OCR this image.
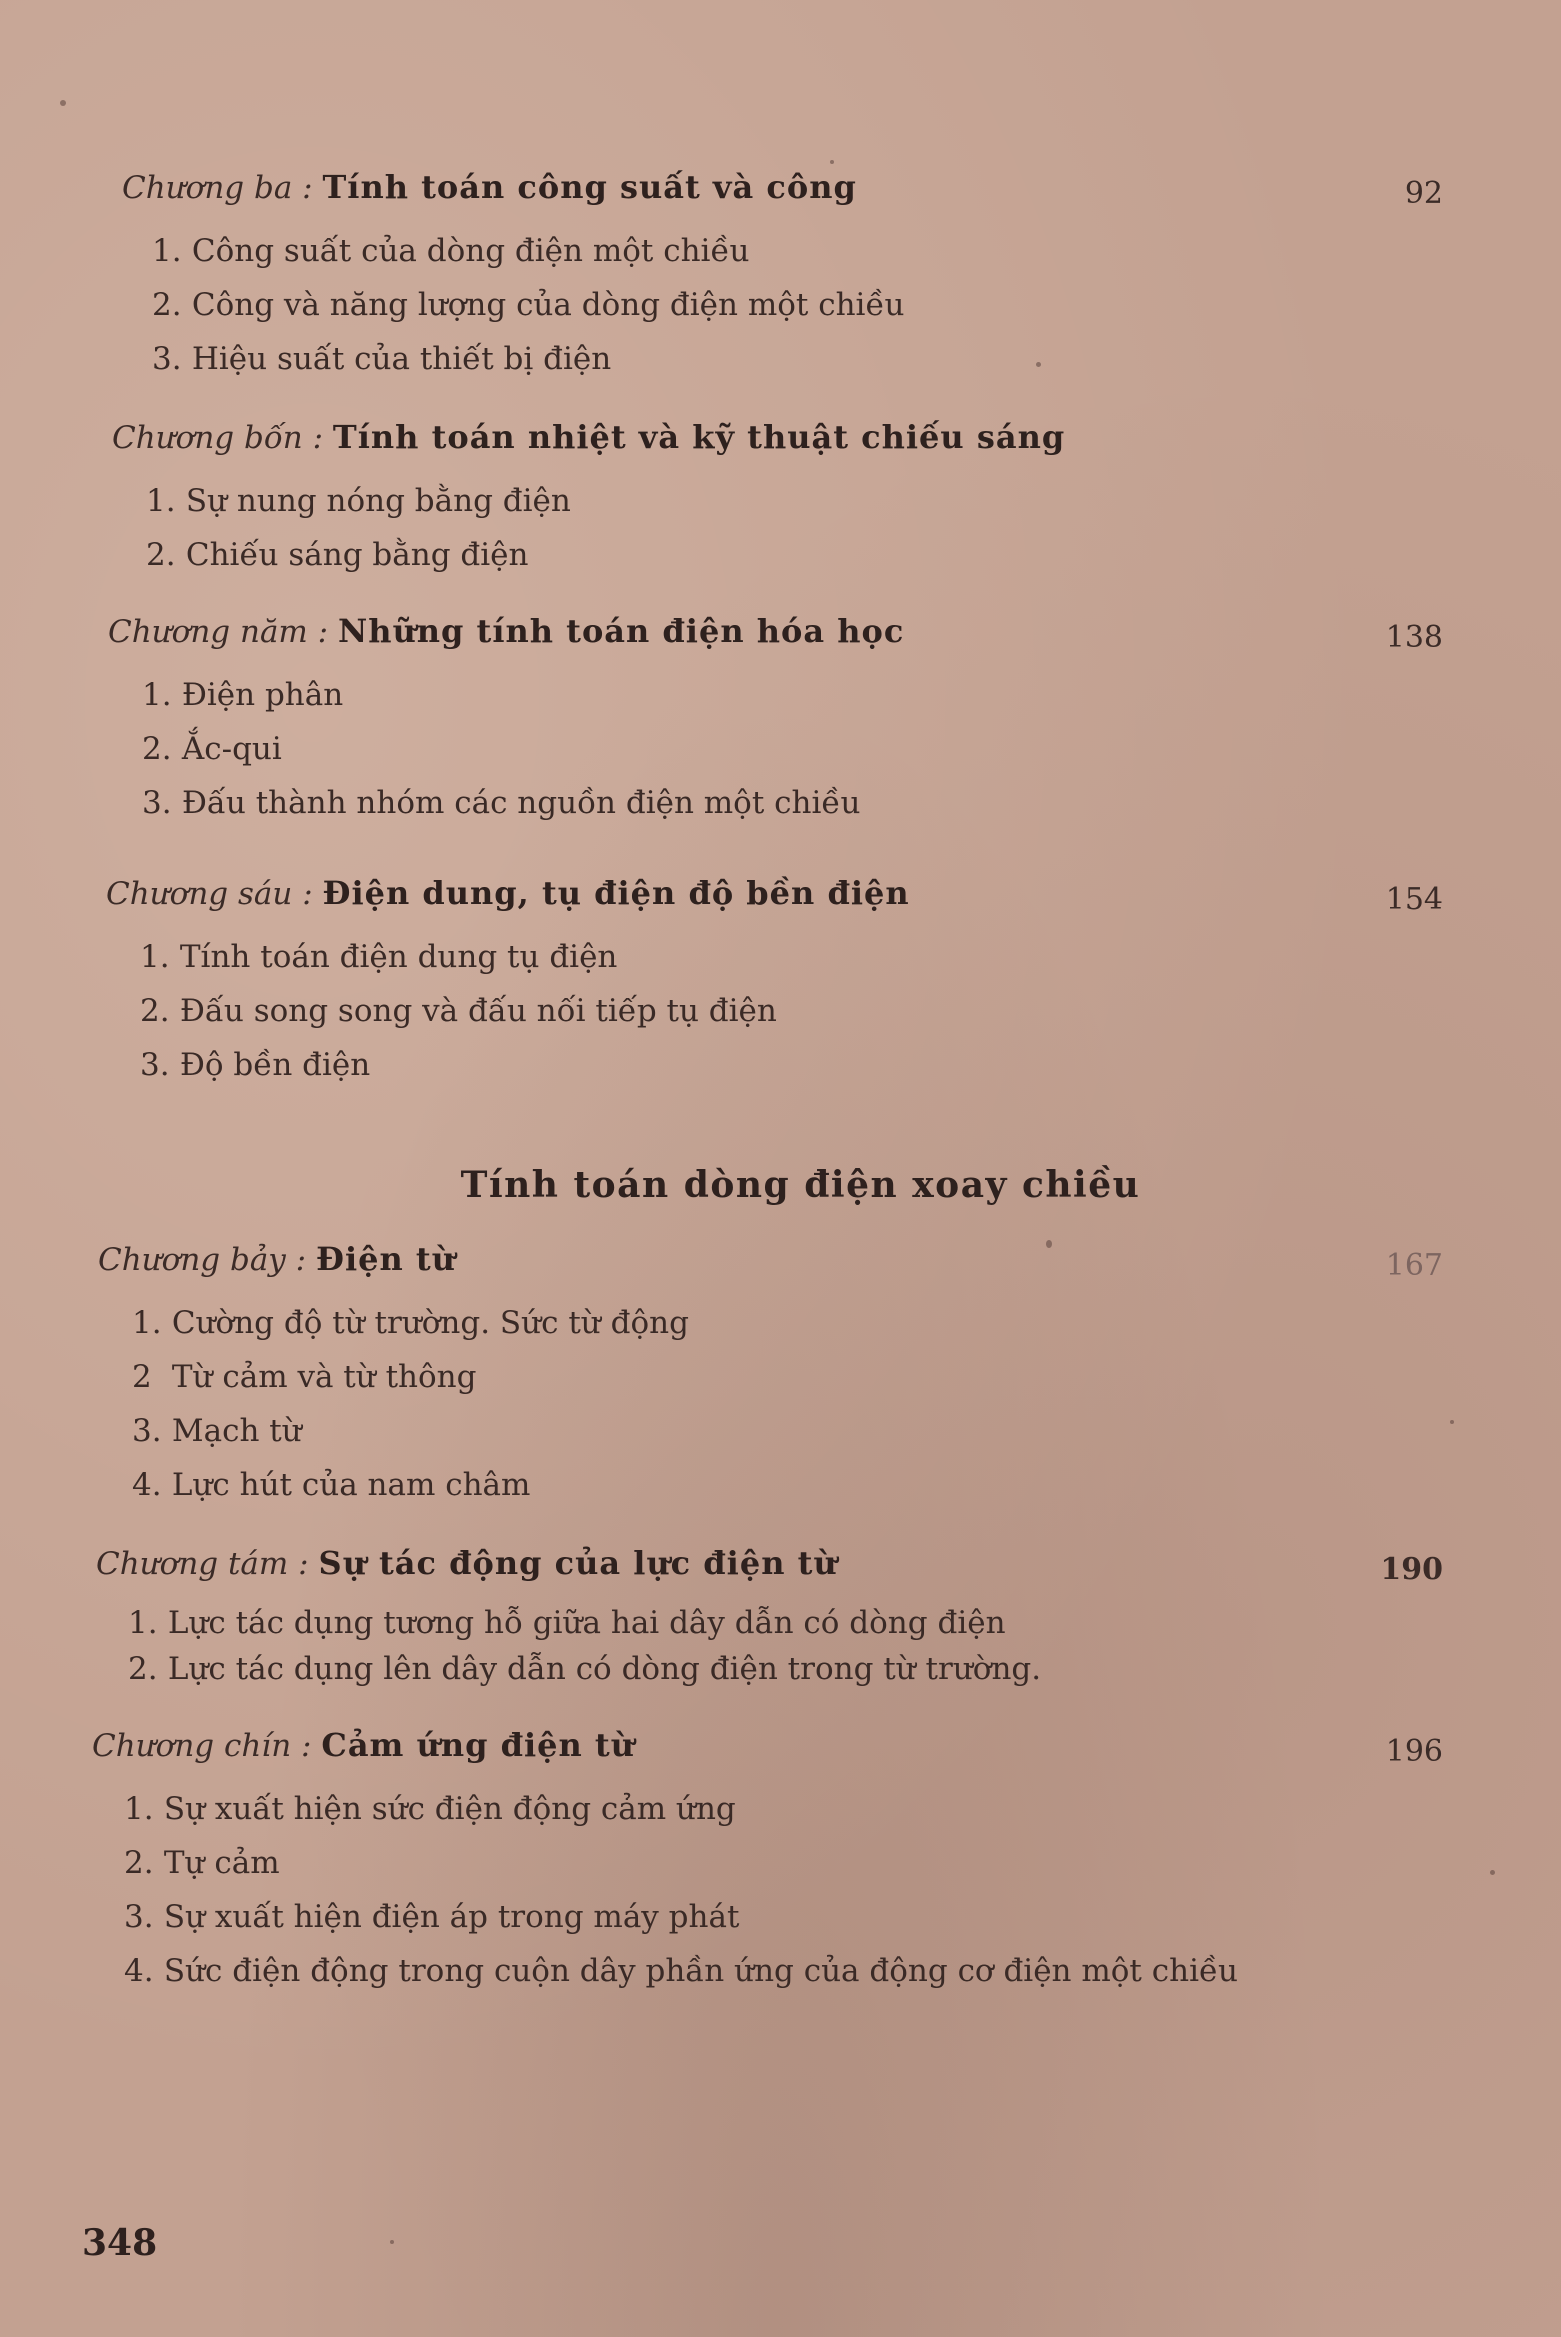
Chương ba : Tính toán công suất và công	92
1. Công suất của dòng điện một chiều
2. Công và năng lượng của dòng điện một chiều
3. Hiệu suất của thiết bị điện
Chương bốn : Tính toán nhiệt và kỹ thuật chiếu sáng
1. Sự nung nóng bằng điện
2. Chiếu sáng bằng điện
Chương năm : Những tính toán điện hóa học	138
1. Điện phân
2. Ắc-qui
3. Đấu thành nhóm các nguồn điện một chiều
Chương sáu : Điện dung, tụ điện độ bền điện	154
1. Tính toán điện dung tụ điện
2. Đấu song song và đấu nối tiếp tụ điện
3. Độ bền điện
Tính toán dòng điện xoay chiều
Chương bảy : Điện từ	167
1. Cường độ từ trường. Sức từ động
2 Từ cảm và từ thông
3. Mạch từ
4. Lực hút của nam châm
Chương tám : Sự tác động của lực điện từ	190
1. Lực tác dụng tương hỗ giữa hai dây dẫn có dòng điện
2. Lực tác dụng lên dây dẫn có dòng điện trong từ trường.
Chương chín : Cảm ứng điện từ	196
1. Sự xuất hiện sức điện động cảm ứng
2. Tự cảm
3. Sự xuất hiện điện áp trong máy phát
4. Sức điện động trong cuộn dây phần ứng của động cơ điện một chiều
348
